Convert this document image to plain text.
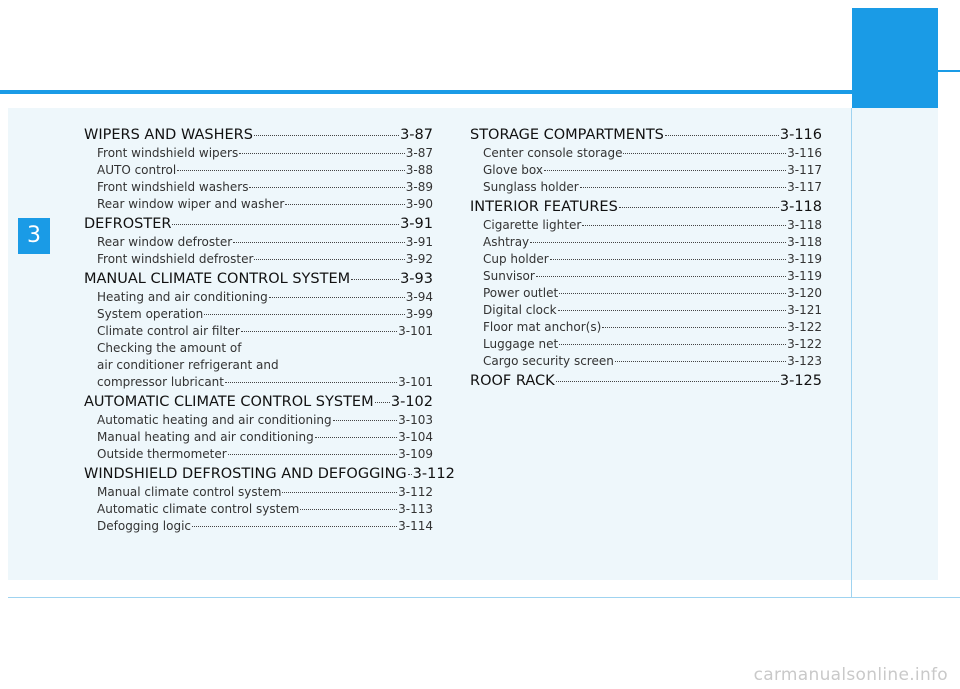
3
WIPERS AND WASHERS	3-87
Front windshield wipers	3-87
AUTO control	3-88
Front windshield washers	3-89
Rear window wiper and washer	3-90
DEFROSTER	3-91
Rear window defroster	3-91
Front windshield defroster	3-92
MANUAL CLIMATE CONTROL SYSTEM	3-93
Heating and air conditioning	3-94
System operation	3-99
Climate control air filter	3-101
Checking the amount of
air conditioner refrigerant and
compressor lubricant	3-101
AUTOMATIC CLIMATE CONTROL SYSTEM 3-102
Automatic heating and air conditioning	3-103
Manual heating and air conditioning	3-104
Outside thermometer	3-109
WINDSHIELD DEFROSTING AND DEFOGGING 3-112
Manual climate control system	3-112
Automatic climate control system	3-113
Defogging logic	3-114
STORAGE COMPARTMENTS	3-116
Center console storage	3-116
Glove box	3-117
Sunglass holder	3-117
INTERIOR FEATURES	3-118
Cigarette lighter	3-118
Ashtray	3-118
Cup holder	3-119
Sunvisor	3-119
Power outlet	3-120
Digital clock	3-121
Floor mat anchor(s)	3-122
Luggage net	3-122
Cargo security screen	3-123
ROOF RACK	3-125
carmanualsonline.info
